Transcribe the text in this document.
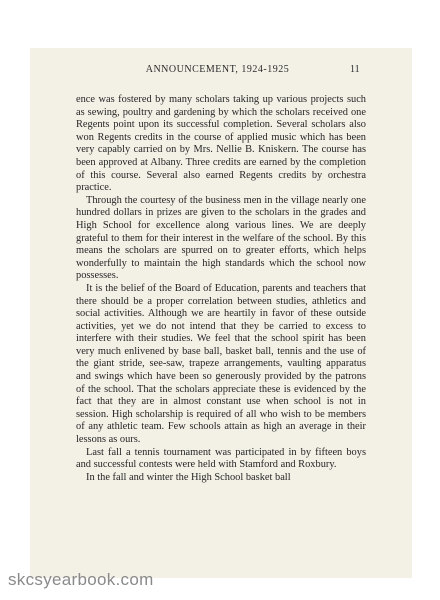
ANNOUNCEMENT, 1924-1925	11

ence was fostered by many scholars taking up various projects such as sewing, poultry and gardening by which the scholars received one Regents point upon its successful completion. Several scholars also won Regents credits in the course of applied music which has been very capably carried on by Mrs. Nellie B. Kniskern. The course has been approved at Albany. Three credits are earned by the completion of this course. Several also earned Regents credits by orchestra practice.

Through the courtesy of the business men in the village nearly one hundred dollars in prizes are given to the scholars in the grades and High School for excellence along various lines. We are deeply grateful to them for their interest in the welfare of the school. By this means the scholars are spurred on to greater efforts, which helps wonderfully to maintain the high standards which the school now possesses.

It is the belief of the Board of Education, parents and teachers that there should be a proper correlation between studies, athletics and social activities. Although we are heartily in favor of these outside activities, yet we do not intend that they be carried to excess to interfere with their studies. We feel that the school spirit has been very much enlivened by base ball, basket ball, tennis and the use of the giant stride, see-saw, trapeze arrangements, vaulting apparatus and swings which have been so generously provided by the patrons of the school. That the scholars appreciate these is evidenced by the fact that they are in almost constant use when school is not in session. High scholarship is required of all who wish to be members of any athletic team. Few schools attain as high an average in their lessons as ours.

Last fall a tennis tournament was participated in by fifteen boys and successful contests were held with Stamford and Roxbury.

In the fall and winter the High School basket ball

skcsyearbook.com
